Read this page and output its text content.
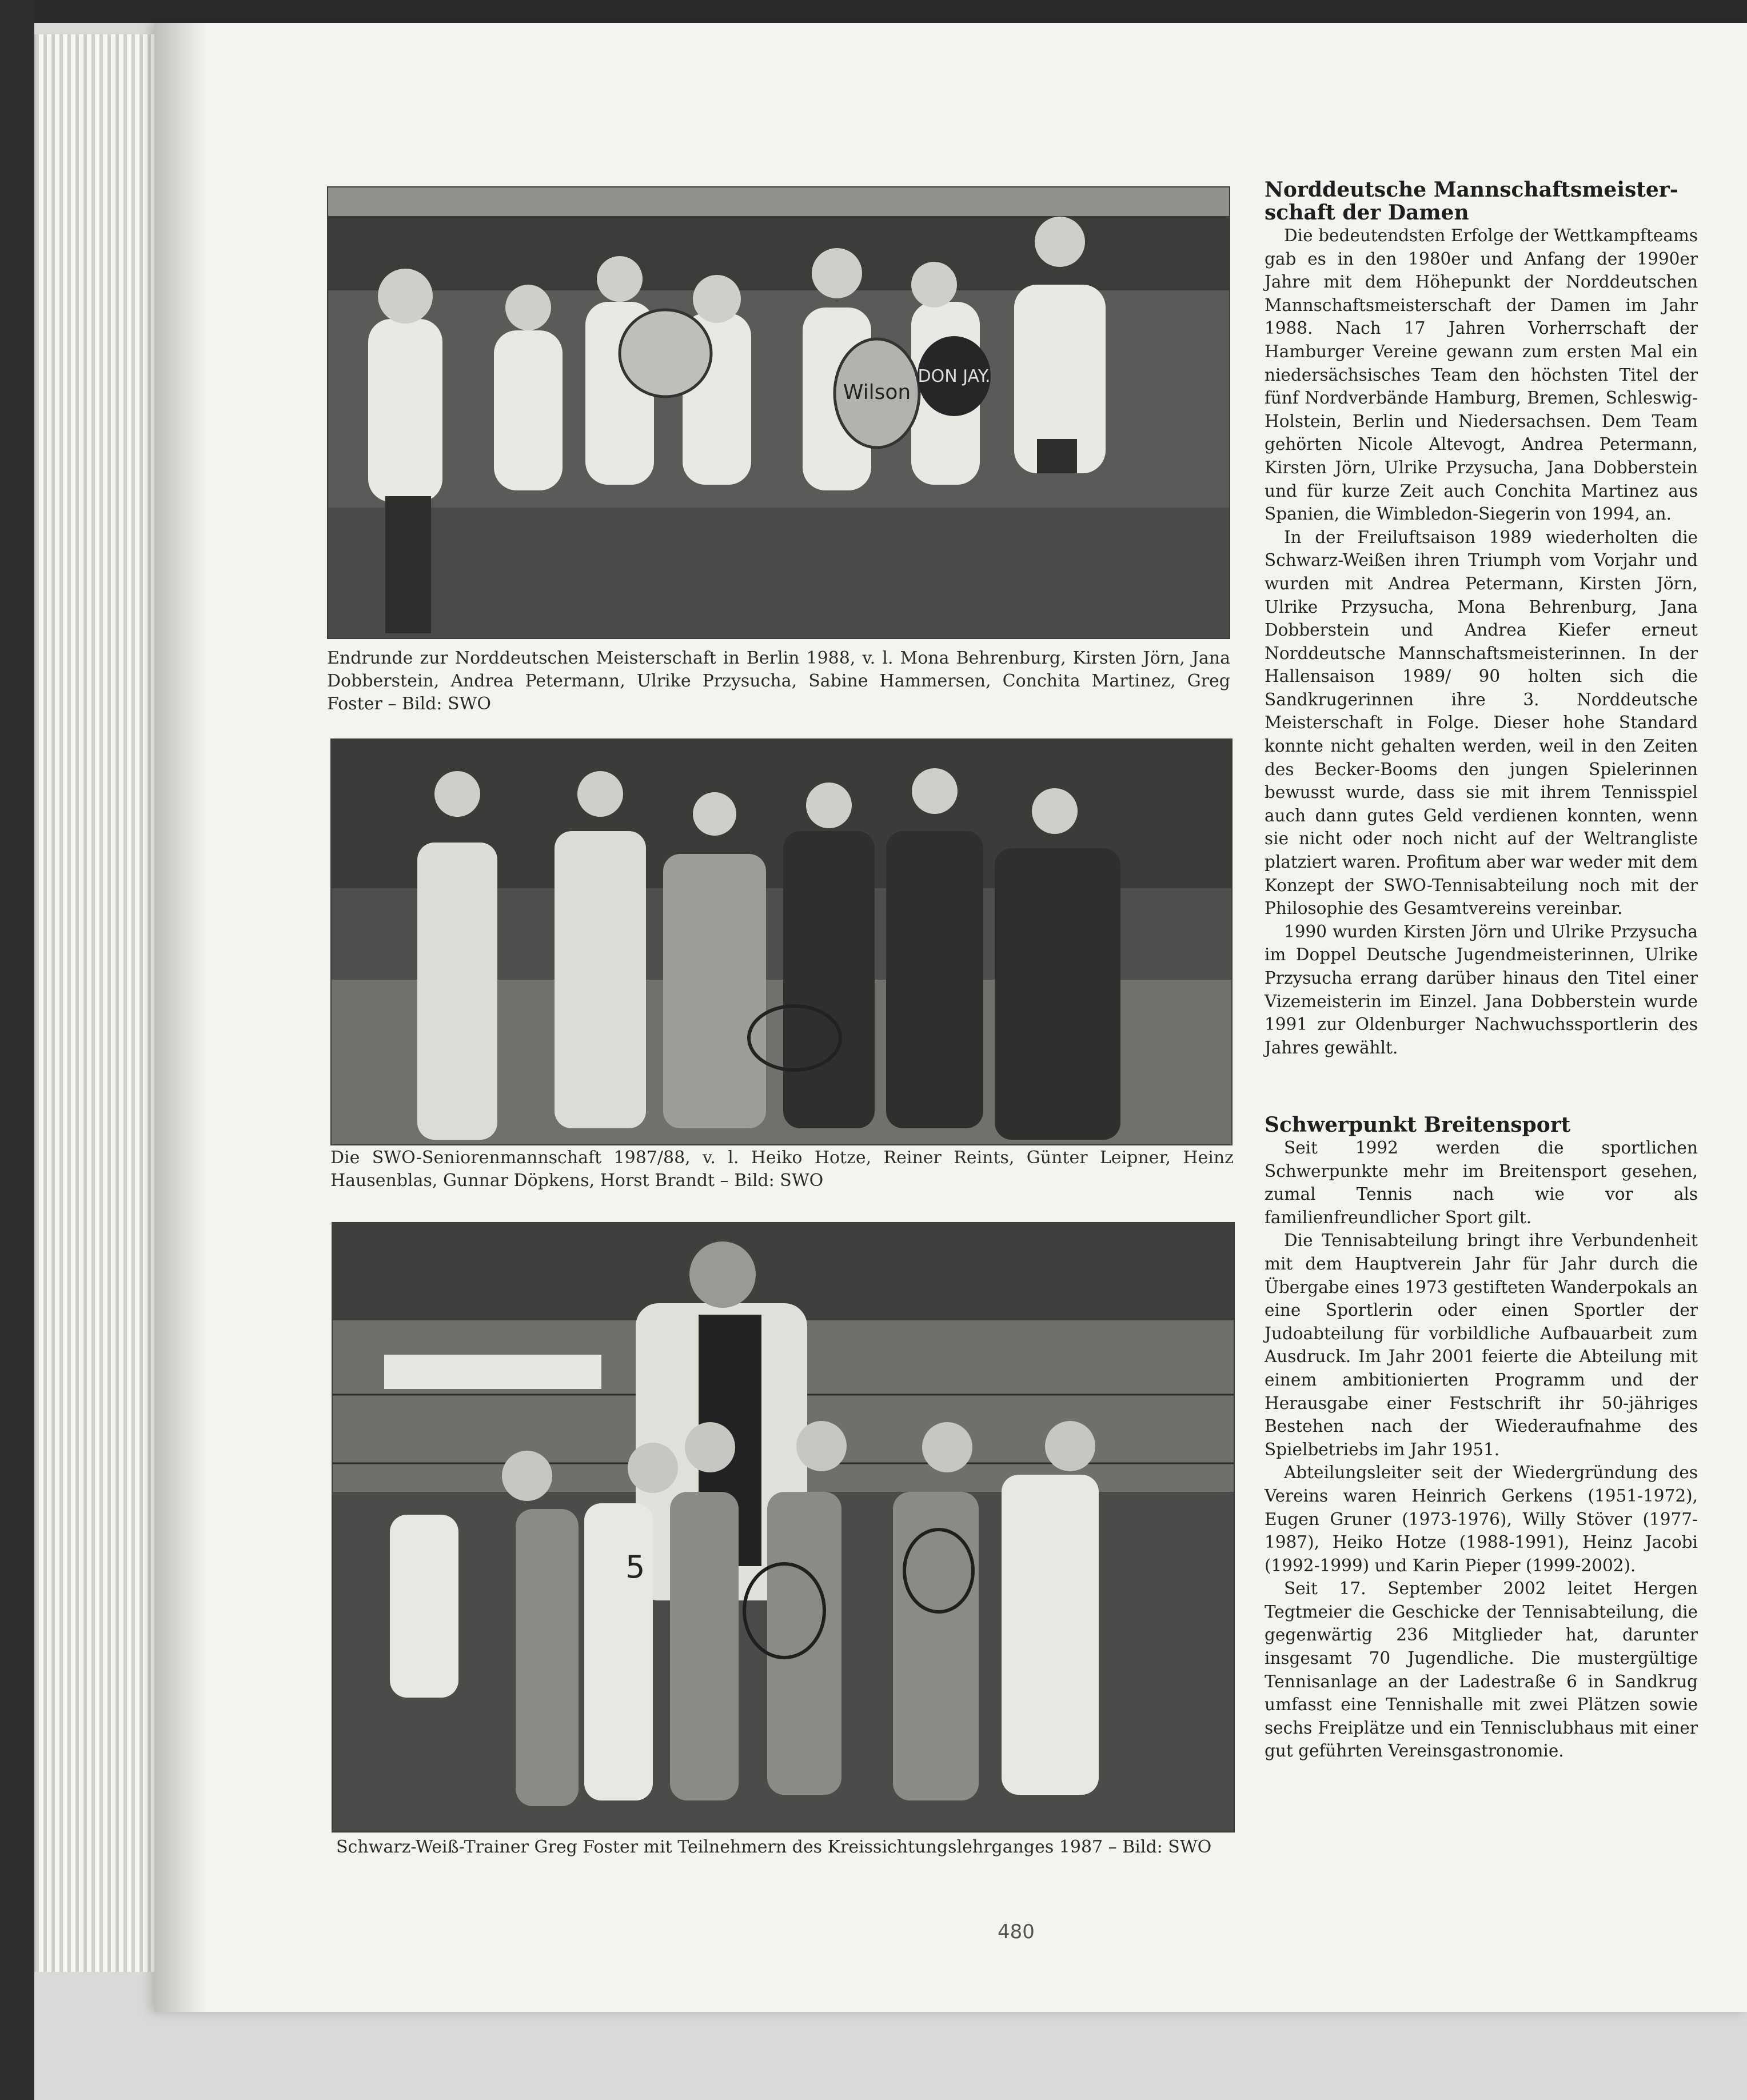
Wilson
DON JAY.
Endrunde zur Norddeutschen Meisterschaft in Berlin 1988, v. l. Mona Behrenburg, Kirsten Jörn, Jana Dobberstein, Andrea Petermann, Ulrike Przysucha, Sabine Hammersen, Conchita Martinez, Greg Foster – Bild: SWO
Die SWO-Seniorenmannschaft 1987/88, v. l. Heiko Hotze, Reiner Reints, Günter Leipner, Heinz Hausenblas, Gunnar Döpkens, Horst Brandt – Bild: SWO
5
Schwarz-Weiß-Trainer Greg Foster mit Teilnehmern des Kreissichtungslehrganges 1987 – Bild: SWO
Norddeutsche Mannschaftsmeisterschaft der Damen

Die bedeutendsten Erfolge der Wettkampfteams gab es in den 1980er und Anfang der 1990er Jahre mit dem Höhepunkt der Norddeutschen Mannschaftsmeisterschaft der Damen im Jahr 1988. Nach 17 Jahren Vorherrschaft der Hamburger Vereine gewann zum ersten Mal ein niedersächsisches Team den höchsten Titel der fünf Nordverbände Hamburg, Bremen, Schleswig-Holstein, Berlin und Niedersachsen. Dem Team gehörten Nicole Altevogt, Andrea Petermann, Kirsten Jörn, Ulrike Przysucha, Jana Dobberstein und für kurze Zeit auch Conchita Martinez aus Spanien, die Wimbledon-Siegerin von 1994, an.

In der Freiluftsaison 1989 wiederholten die Schwarz-Weißen ihren Triumph vom Vorjahr und wurden mit Andrea Petermann, Kirsten Jörn, Ulrike Przysucha, Mona Behrenburg, Jana Dobberstein und Andrea Kiefer erneut Norddeutsche Mannschaftsmeisterinnen. In der Hallensaison 1989/ 90 holten sich die Sandkrugerinnen ihre 3. Norddeutsche Meisterschaft in Folge. Dieser hohe Standard konnte nicht gehalten werden, weil in den Zeiten des Becker-Booms den jungen Spielerinnen bewusst wurde, dass sie mit ihrem Tennisspiel auch dann gutes Geld verdienen konnten, wenn sie nicht oder noch nicht auf der Weltrangliste platziert waren. Profitum aber war weder mit dem Konzept der SWO-Tennisabteilung noch mit der Philosophie des Gesamtvereins vereinbar.

1990 wurden Kirsten Jörn und Ulrike Przysucha im Doppel Deutsche Jugendmeisterinnen, Ulrike Przysucha errang darüber hinaus den Titel einer Vizemeisterin im Einzel. Jana Dobberstein wurde 1991 zur Oldenburger Nachwuchssportlerin des Jahres gewählt.

Schwerpunkt Breitensport

Seit 1992 werden die sportlichen Schwerpunkte mehr im Breitensport gesehen, zumal Tennis nach wie vor als familienfreundlicher Sport gilt.

Die Tennisabteilung bringt ihre Verbundenheit mit dem Hauptverein Jahr für Jahr durch die Übergabe eines 1973 gestifteten Wanderpokals an eine Sportlerin oder einen Sportler der Judoabteilung für vorbildliche Aufbauarbeit zum Ausdruck. Im Jahr 2001 feierte die Abteilung mit einem ambitionierten Programm und der Herausgabe einer Festschrift ihr 50-jähriges Bestehen nach der Wiederaufnahme des Spielbetriebs im Jahr 1951.

Abteilungsleiter seit der Wiedergründung des Vereins waren Heinrich Gerkens (1951-1972), Eugen Gruner (1973-1976), Willy Stöver (1977-1987), Heiko Hotze (1988-1991), Heinz Jacobi (1992-1999) und Karin Pieper (1999-2002).

Seit 17. September 2002 leitet Hergen Tegtmeier die Geschicke der Tennisabteilung, die gegenwärtig 236 Mitglieder hat, darunter insgesamt 70 Jugendliche. Die mustergültige Tennisanlage an der Ladestraße 6 in Sandkrug umfasst eine Tennishalle mit zwei Plätzen sowie sechs Freiplätze und ein Tennisclubhaus mit einer gut geführten Vereinsgastronomie.

480
